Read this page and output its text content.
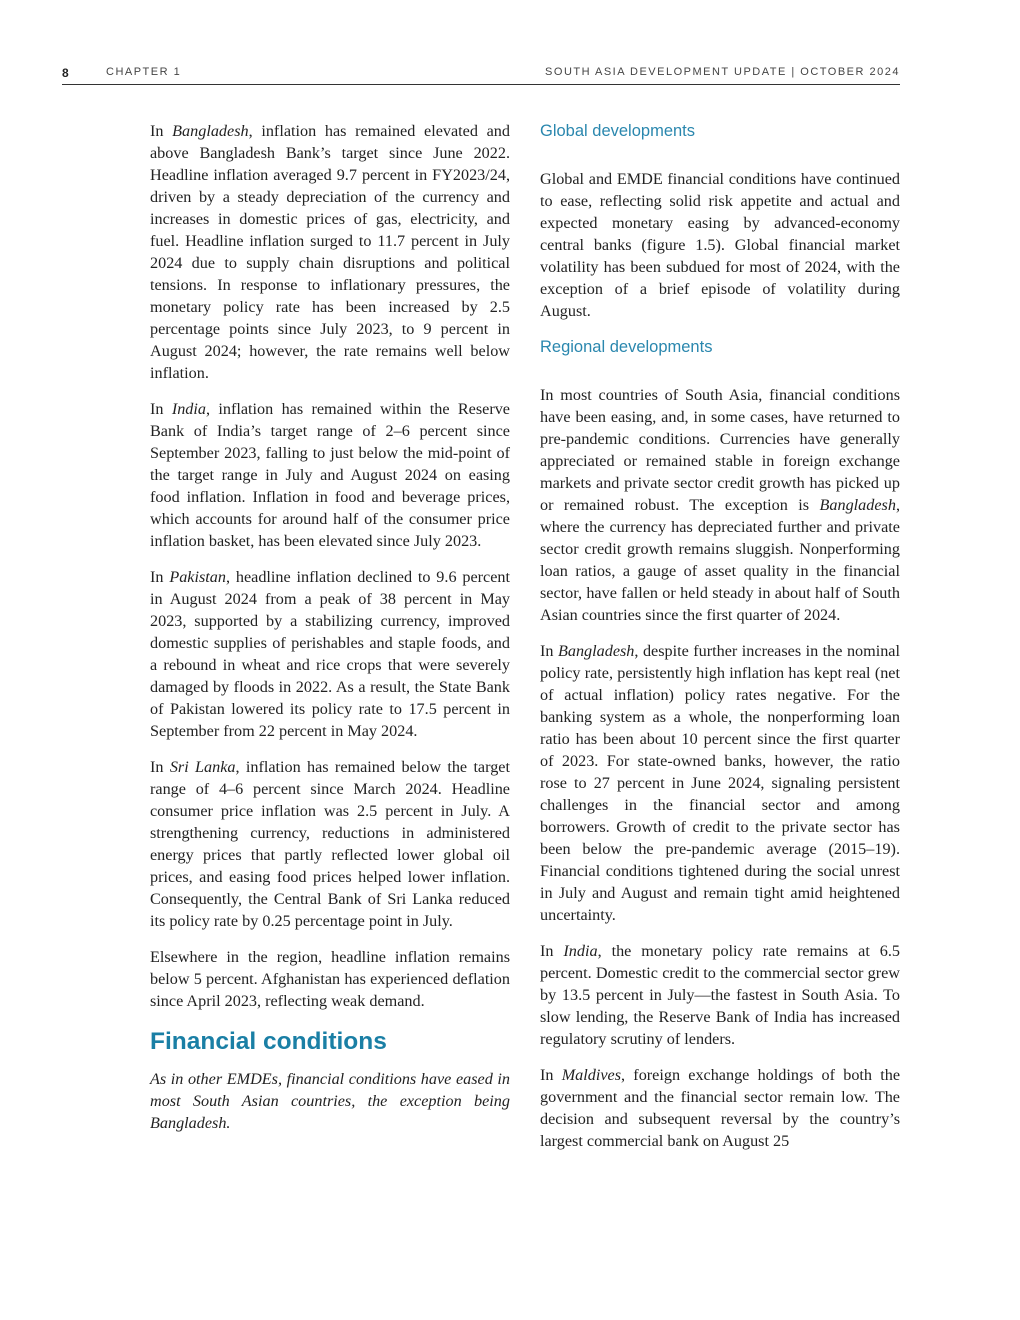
8	CHAPTER 1	SOUTH ASIA DEVELOPMENT UPDATE | OCTOBER 2024

In Bangladesh, inflation has remained elevated and above Bangladesh Bank’s target since June 2022. Headline inflation averaged 9.7 percent in FY2023/24, driven by a steady depreciation of the currency and increases in domestic prices of gas, electricity, and fuel. Headline inflation surged to 11.7 percent in July 2024 due to supply chain disruptions and political tensions. In response to inflationary pressures, the monetary policy rate has been increased by 2.5 percentage points since July 2023, to 9 percent in August 2024; however, the rate remains well below inflation.

In India, inflation has remained within the Reserve Bank of India’s target range of 2–6 percent since September 2023, falling to just below the mid-point of the target range in July and August 2024 on easing food inflation. Inflation in food and beverage prices, which accounts for around half of the consumer price inflation basket, has been elevated since July 2023.

In Pakistan, headline inflation declined to 9.6 percent in August 2024 from a peak of 38 percent in May 2023, supported by a stabilizing currency, improved domestic supplies of perishables and staple foods, and a rebound in wheat and rice crops that were severely damaged by floods in 2022. As a result, the State Bank of Pakistan lowered its policy rate to 17.5 percent in September from 22 percent in May 2024.

In Sri Lanka, inflation has remained below the target range of 4–6 percent since March 2024. Headline consumer price inflation was 2.5 percent in July. A strengthening currency, reductions in administered energy prices that partly reflected lower global oil prices, and easing food prices helped lower inflation. Consequently, the Central Bank of Sri Lanka reduced its policy rate by 0.25 percentage point in July.

Elsewhere in the region, headline inflation remains below 5 percent. Afghanistan has experienced deflation since April 2023, reflecting weak demand.

Financial conditions

As in other EMDEs, financial conditions have eased in most South Asian countries, the exception being Bangladesh.

Global developments

Global and EMDE financial conditions have continued to ease, reflecting solid risk appetite and actual and expected monetary easing by advanced-economy central banks (figure 1.5). Global financial market volatility has been subdued for most of 2024, with the exception of a brief episode of volatility during August.

Regional developments

In most countries of South Asia, financial conditions have been easing, and, in some cases, have returned to pre-pandemic conditions. Currencies have generally appreciated or remained stable in foreign exchange markets and private sector credit growth has picked up or remained robust. The exception is Bangladesh, where the currency has depreciated further and private sector credit growth remains sluggish. Nonperforming loan ratios, a gauge of asset quality in the financial sector, have fallen or held steady in about half of South Asian countries since the first quarter of 2024.

In Bangladesh, despite further increases in the nominal policy rate, persistently high inflation has kept real (net of actual inflation) policy rates negative. For the banking system as a whole, the nonperforming loan ratio has been about 10 percent since the first quarter of 2023. For state-owned banks, however, the ratio rose to 27 percent in June 2024, signaling persistent challenges in the financial sector and among borrowers. Growth of credit to the private sector has been below the pre-pandemic average (2015–19). Financial conditions tightened during the social unrest in July and August and remain tight amid heightened uncertainty.

In India, the monetary policy rate remains at 6.5 percent. Domestic credit to the commercial sector grew by 13.5 percent in July—the fastest in South Asia. To slow lending, the Reserve Bank of India has increased regulatory scrutiny of lenders.

In Maldives, foreign exchange holdings of both the government and the financial sector remain low. The decision and subsequent reversal by the country’s largest commercial bank on August 25
